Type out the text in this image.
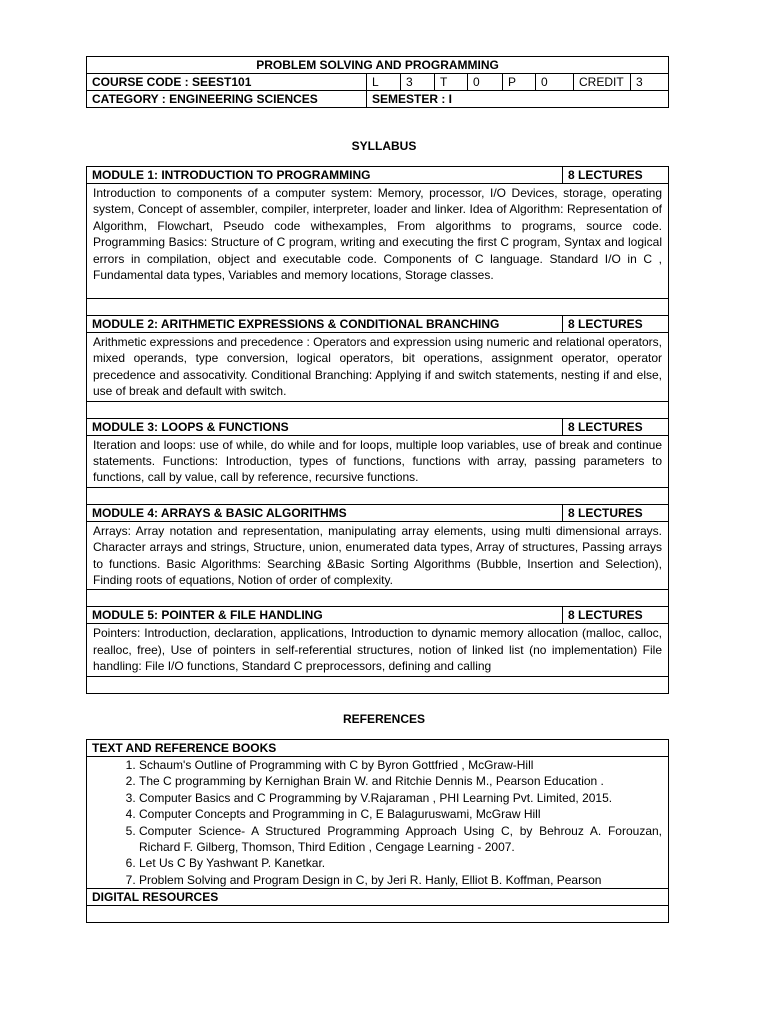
PROBLEM SOLVING AND PROGRAMMING								
COURSE CODE : SEEST101	L	3	T	0	P	0	CREDIT	3
CATEGORY : ENGINEERING SCIENCES	SEMESTER : I							
SYLLABUS
MODULE 1: INTRODUCTION TO PROGRAMMING	8 LECTURES
Introduction to components of a computer system: Memory, processor, I/O Devices, storage, operating system, Concept of assembler, compiler, interpreter, loader and linker. Idea of Algorithm: Representation of Algorithm, Flowchart, Pseudo code withexamples, From algorithms to programs, source code. Programming Basics: Structure of C program, writing and executing the first C program, Syntax and logical errors in compilation, object and executable code. Components of C language. Standard I/O in C , Fundamental data types, Variables and memory locations, Storage classes.	

MODULE 2: ARITHMETIC EXPRESSIONS & CONDITIONAL BRANCHING	8 LECTURES
Arithmetic expressions and precedence : Operators and expression using numeric and relational operators, mixed operands, type conversion, logical operators, bit operations, assignment operator, operator precedence and assocativity. Conditional Branching: Applying if and switch statements, nesting if and else, use of break and default with switch.	

MODULE 3: LOOPS & FUNCTIONS	8 LECTURES
Iteration and loops: use of while, do while and for loops, multiple loop variables, use of break and continue statements. Functions: Introduction, types of functions, functions with array, passing parameters to functions, call by value, call by reference, recursive functions.	

MODULE 4: ARRAYS & BASIC ALGORITHMS	8 LECTURES
Arrays: Array notation and representation, manipulating array elements, using multi dimensional arrays. Character arrays and strings, Structure, union, enumerated data types, Array of structures, Passing arrays to functions. Basic Algorithms: Searching &Basic Sorting Algorithms (Bubble, Insertion and Selection), Finding roots of equations, Notion of order of complexity.	

MODULE 5: POINTER & FILE HANDLING	8 LECTURES
Pointers: Introduction, declaration, applications, Introduction to dynamic memory allocation (malloc, calloc, realloc, free), Use of pointers in self-referential structures, notion of linked list (no implementation) File handling: File I/O functions, Standard C preprocessors, defining and calling	

REFERENCES
TEXT AND REFERENCE BOOKS

1. Schaum's Outline of Programming with C by Byron Gottfried , McGraw-Hill
2. The C programming by Kernighan Brain W. and Ritchie Dennis M., Pearson Education .
3. Computer Basics and C Programming by V.Rajaraman , PHI Learning Pvt. Limited, 2015.
4. Computer Concepts and Programming in C, E Balaguruswami, McGraw Hill
5. Computer Science- A Structured Programming Approach Using C, by Behrouz A. Forouzan, Richard F. Gilberg, Thomson, Third Edition , Cengage Learning - 2007.
6. Let Us C By Yashwant P. Kanetkar.
7. Problem Solving and Program Design in C, by Jeri R. Hanly, Elliot B. Koffman, Pearson

DIGITAL RESOURCES
